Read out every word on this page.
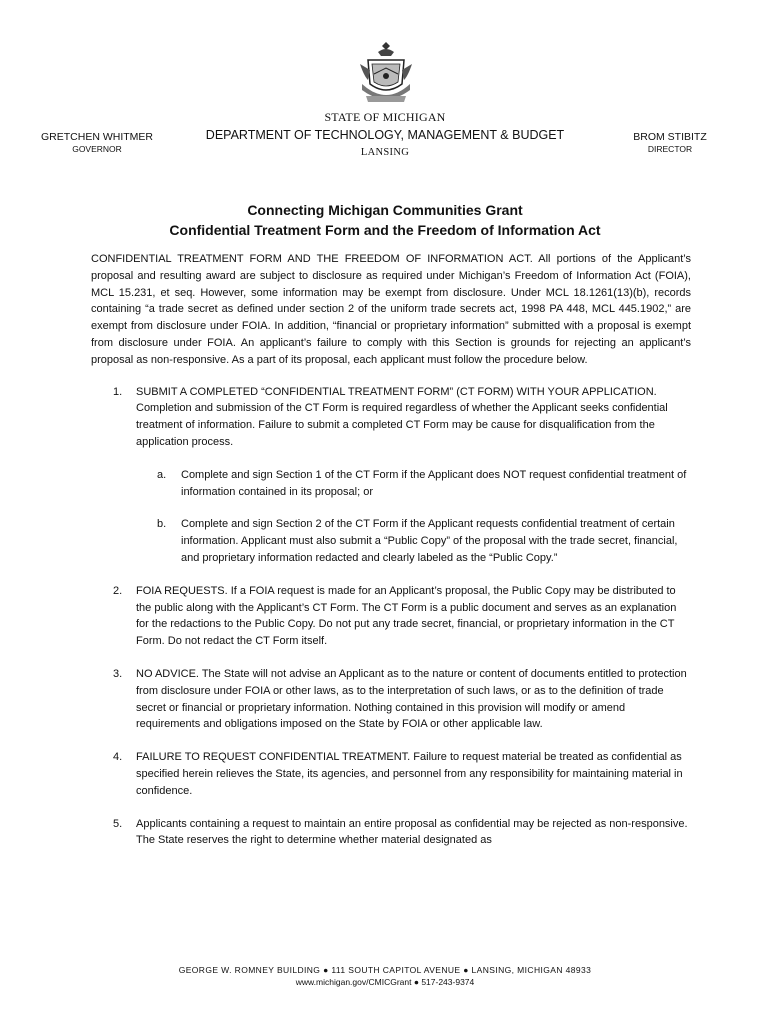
STATE OF MICHIGAN
DEPARTMENT OF TECHNOLOGY, MANAGEMENT & BUDGET
LANSING
GRETCHEN WHITMER
GOVERNOR
BROM STIBITZ
DIRECTOR
Connecting Michigan Communities Grant
Confidential Treatment Form and the Freedom of Information Act

CONFIDENTIAL TREATMENT FORM AND THE FREEDOM OF INFORMATION ACT. All portions of the Applicant’s proposal and resulting award are subject to disclosure as required under Michigan’s Freedom of Information Act (FOIA), MCL 15.231, et seq. However, some information may be exempt from disclosure. Under MCL 18.1261(13)(b), records containing “a trade secret as defined under section 2 of the uniform trade secrets act, 1998 PA 448, MCL 445.1902,” are exempt from disclosure under FOIA. In addition, “financial or proprietary information” submitted with a proposal is exempt from disclosure under FOIA. An applicant’s failure to comply with this Section is grounds for rejecting an applicant’s proposal as non-responsive. As a part of its proposal, each applicant must follow the procedure below.

1. SUBMIT A COMPLETED “CONFIDENTIAL TREATMENT FORM” (CT FORM) WITH YOUR APPLICATION. Completion and submission of the CT Form is required regardless of whether the Applicant seeks confidential treatment of information. Failure to submit a completed CT Form may be cause for disqualification from the application process.
a. Complete and sign Section 1 of the CT Form if the Applicant does NOT request confidential treatment of information contained in its proposal; or
b. Complete and sign Section 2 of the CT Form if the Applicant requests confidential treatment of certain information. Applicant must also submit a “Public Copy” of the proposal with the trade secret, financial, and proprietary information redacted and clearly labeled as the “Public Copy.”
2. FOIA REQUESTS. If a FOIA request is made for an Applicant’s proposal, the Public Copy may be distributed to the public along with the Applicant’s CT Form. The CT Form is a public document and serves as an explanation for the redactions to the Public Copy. Do not put any trade secret, financial, or proprietary information in the CT Form. Do not redact the CT Form itself.
3. NO ADVICE. The State will not advise an Applicant as to the nature or content of documents entitled to protection from disclosure under FOIA or other laws, as to the interpretation of such laws, or as to the definition of trade secret or financial or proprietary information. Nothing contained in this provision will modify or amend requirements and obligations imposed on the State by FOIA or other applicable law.
4. FAILURE TO REQUEST CONFIDENTIAL TREATMENT. Failure to request material be treated as confidential as specified herein relieves the State, its agencies, and personnel from any responsibility for maintaining material in confidence.
5. Applicants containing a request to maintain an entire proposal as confidential may be rejected as non-responsive. The State reserves the right to determine whether material designated as
GEORGE W. ROMNEY BUILDING ● 111 SOUTH CAPITOL AVENUE ● LANSING, MICHIGAN 48933
www.michigan.gov/CMICGrant ● 517-243-9374
